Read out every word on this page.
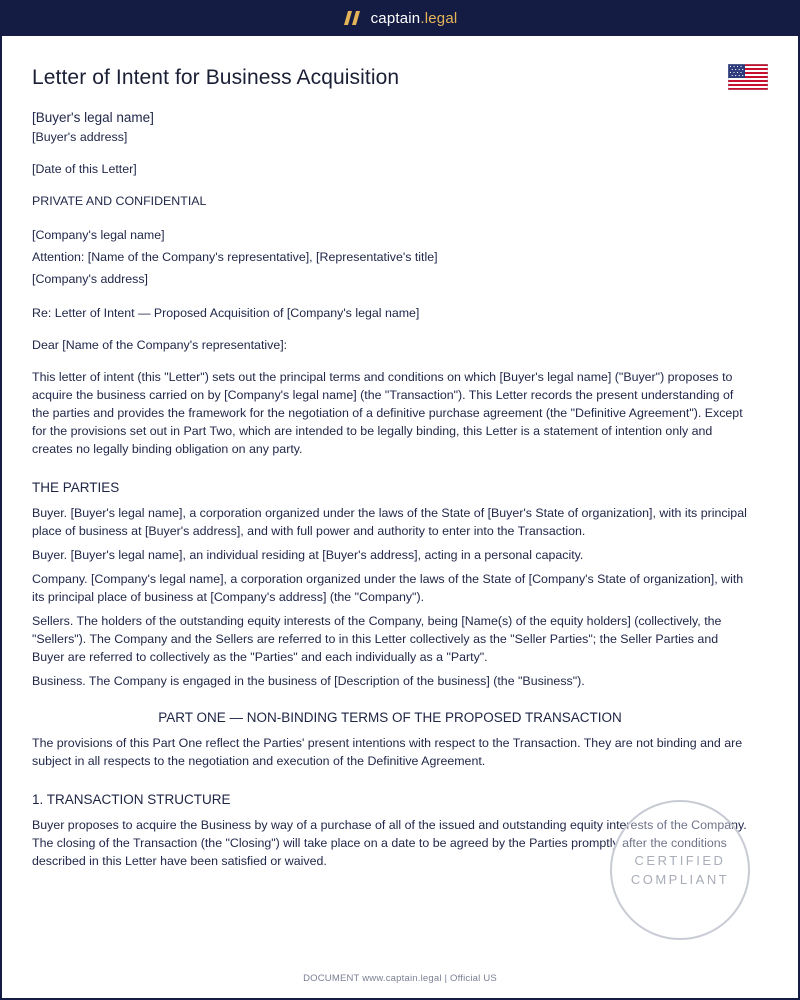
captain.legal
Letter of Intent for Business Acquisition

[Buyer's legal name]

[Buyer's address]

[Date of this Letter]

PRIVATE AND CONFIDENTIAL

[Company's legal name]

Attention: [Name of the Company's representative], [Representative's title]

[Company's address]

Re: Letter of Intent — Proposed Acquisition of [Company's legal name]

Dear [Name of the Company's representative]:

This letter of intent (this "Letter") sets out the principal terms and conditions on which [Buyer's legal name] ("Buyer") proposes to acquire the business carried on by [Company's legal name] (the "Transaction"). This Letter records the present understanding of the parties and provides the framework for the negotiation of a definitive purchase agreement (the "Definitive Agreement"). Except for the provisions set out in Part Two, which are intended to be legally binding, this Letter is a statement of intention only and creates no legally binding obligation on any party.

THE PARTIES

Buyer. [Buyer's legal name], a corporation organized under the laws of the State of [Buyer's State of organization], with its principal place of business at [Buyer's address], and with full power and authority to enter into the Transaction.

Buyer. [Buyer's legal name], an individual residing at [Buyer's address], acting in a personal capacity.

Company. [Company's legal name], a corporation organized under the laws of the State of [Company's State of organization], with its principal place of business at [Company's address] (the "Company").

Sellers. The holders of the outstanding equity interests of the Company, being [Name(s) of the equity holders] (collectively, the "Sellers"). The Company and the Sellers are referred to in this Letter collectively as the "Seller Parties"; the Seller Parties and Buyer are referred to collectively as the "Parties" and each individually as a "Party".

Business. The Company is engaged in the business of [Description of the business] (the "Business").

PART ONE — NON-BINDING TERMS OF THE PROPOSED TRANSACTION

The provisions of this Part One reflect the Parties' present intentions with respect to the Transaction. They are not binding and are subject in all respects to the negotiation and execution of the Definitive Agreement.

1. TRANSACTION STRUCTURE

Buyer proposes to acquire the Business by way of a purchase of all of the issued and outstanding equity interests of the Company. The closing of the Transaction (the "Closing") will take place on a date to be agreed by the Parties promptly after the conditions described in this Letter have been satisfied or waived.	CERTIFIED
COMPLIANT
DOCUMENT www.captain.legal | Official US
